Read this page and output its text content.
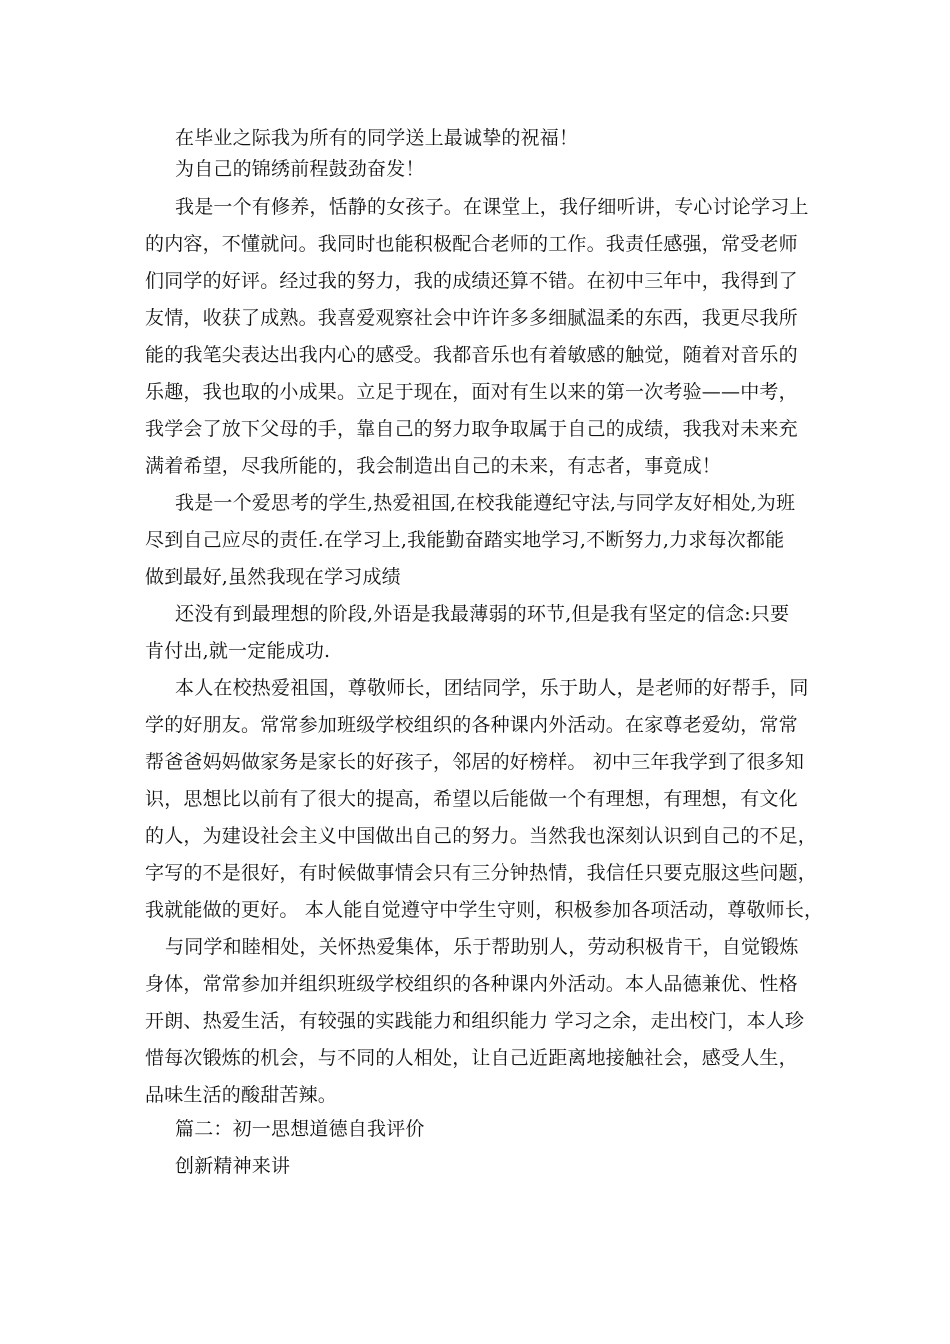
在毕业之际我为所有的同学送上最诚挚的祝福！
为自己的锦绣前程鼓劲奋发！
我是一个有修养，恬静的女孩子。在课堂上，我仔细听讲，专心讨论学习上
的内容，不懂就问。我同时也能积极配合老师的工作。我责任感强，常受老师
们同学的好评。经过我的努力，我的成绩还算不错。在初中三年中，我得到了
友情，收获了成熟。我喜爱观察社会中许许多多细腻温柔的东西，我更尽我所
能的我笔尖表达出我内心的感受。我都音乐也有着敏感的触觉，随着对音乐的
乐趣，我也取的小成果。立足于现在，面对有生以来的第一次考验——中考，
我学会了放下父母的手，靠自己的努力取争取属于自己的成绩，我我对未来充
满着希望，尽我所能的，我会制造出自己的未来，有志者，事竟成！
我是一个爱思考的学生,热爱祖国,在校我能遵纪守法,与同学友好相处,为班
尽到自己应尽的责任.在学习上,我能勤奋踏实地学习,不断努力,力求每次都能
做到最好,虽然我现在学习成绩
还没有到最理想的阶段,外语是我最薄弱的环节,但是我有坚定的信念:只要
肯付出,就一定能成功.
本人在校热爱祖国，尊敬师长，团结同学，乐于助人，是老师的好帮手，同
学的好朋友。常常参加班级学校组织的各种课内外活动。在家尊老爱幼，常常
帮爸爸妈妈做家务是家长的好孩子，邻居的好榜样。 初中三年我学到了很多知
识，思想比以前有了很大的提高，希望以后能做一个有理想，有理想，有文化
的人，为建设社会主义中国做出自己的努力。当然我也深刻认识到自己的不足，
字写的不是很好，有时候做事情会只有三分钟热情，我信任只要克服这些问题，
我就能做的更好。 本人能自觉遵守中学生守则，积极参加各项活动，尊敬师长，
与同学和睦相处，关怀热爱集体，乐于帮助别人，劳动积极肯干，自觉锻炼
身体，常常参加并组织班级学校组织的各种课内外活动。本人品德兼优、性格
开朗、热爱生活，有较强的实践能力和组织能力 学习之余，走出校门，本人珍
惜每次锻炼的机会，与不同的人相处，让自己近距离地接触社会，感受人生，
品味生活的酸甜苦辣。
篇二：初一思想道德自我评价
创新精神来讲
